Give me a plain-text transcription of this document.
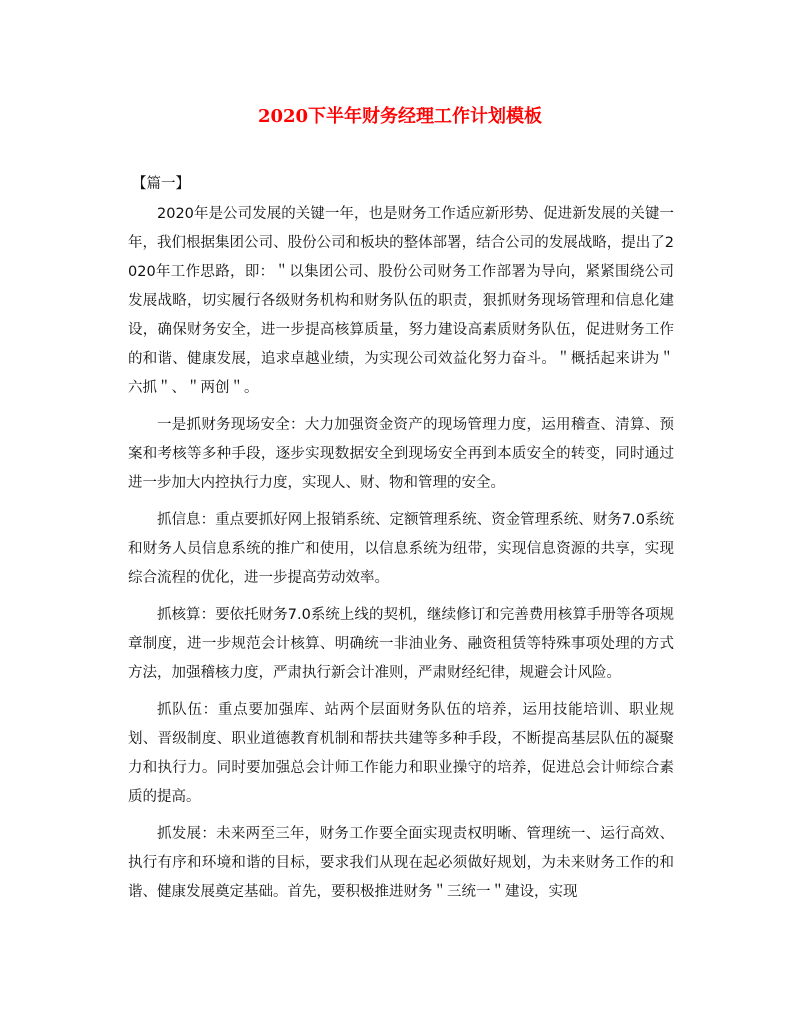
2020下半年财务经理工作计划模板
【篇一】

2020年是公司发展的关键一年，也是财务工作适应新形势、促进新发展的关键一年，我们根据集团公司、股份公司和板块的整体部署，结合公司的发展战略，提出了2020年工作思路，即：＂以集团公司、股份公司财务工作部署为导向，紧紧围绕公司发展战略，切实履行各级财务机构和财务队伍的职责，狠抓财务现场管理和信息化建设，确保财务安全，进一步提高核算质量，努力建设高素质财务队伍，促进财务工作的和谐、健康发展，追求卓越业绩，为实现公司效益化努力奋斗。＂概括起来讲为＂六抓＂、＂两创＂。

一是抓财务现场安全：大力加强资金资产的现场管理力度，运用稽查、清算、预案和考核等多种手段，逐步实现数据安全到现场安全再到本质安全的转变，同时通过进一步加大内控执行力度，实现人、财、物和管理的安全。

抓信息：重点要抓好网上报销系统、定额管理系统、资金管理系统、财务7.0系统和财务人员信息系统的推广和使用，以信息系统为纽带，实现信息资源的共享，实现综合流程的优化，进一步提高劳动效率。

抓核算：要依托财务7.0系统上线的契机，继续修订和完善费用核算手册等各项规章制度，进一步规范会计核算、明确统一非油业务、融资租赁等特殊事项处理的方式方法，加强稽核力度，严肃执行新会计准则，严肃财经纪律，规避会计风险。

抓队伍：重点要加强库、站两个层面财务队伍的培养，运用技能培训、职业规划、晋级制度、职业道德教育机制和帮扶共建等多种手段，不断提高基层队伍的凝聚力和执行力。同时要加强总会计师工作能力和职业操守的培养，促进总会计师综合素质的提高。

抓发展：未来两至三年，财务工作要全面实现责权明晰、管理统一、运行高效、执行有序和环境和谐的目标，要求我们从现在起必须做好规划，为未来财务工作的和谐、健康发展奠定基础。首先，要积极推进财务＂三统一＂建设，实现
